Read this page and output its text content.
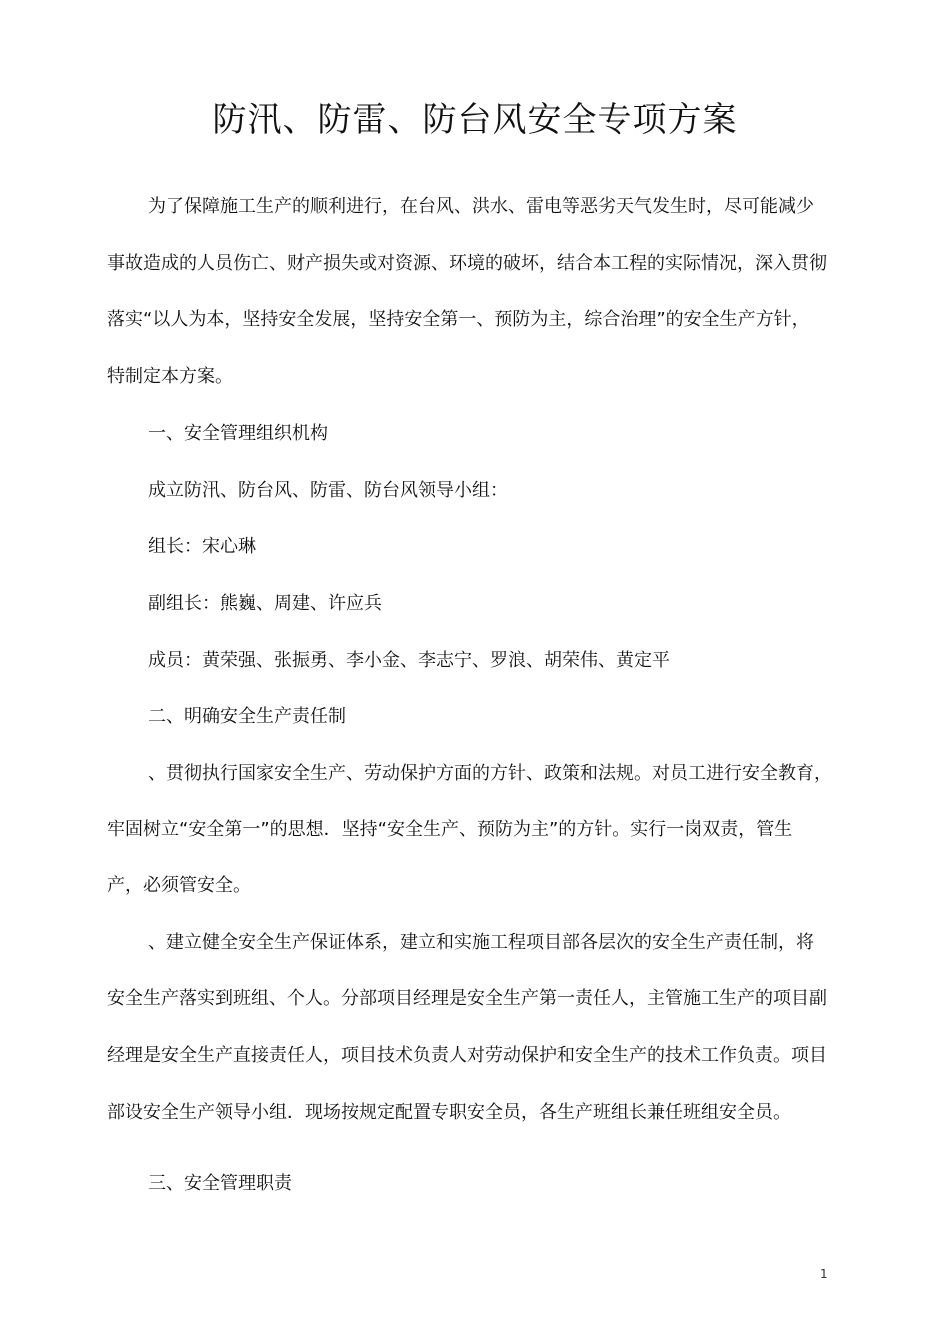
防汛、防雷、防台风安全专项方案
为了保障施工生产的顺利进行，在台风、洪水、雷电等恶劣天气发生时，尽可能减少
事故造成的人员伤亡、财产损失或对资源、环境的破坏，结合本工程的实际情况，深入贯彻
落实“以人为本，坚持安全发展，坚持安全第一、预防为主，综合治理”的安全生产方针，
特制定本方案。
一、安全管理组织机构
成立防汛、防台风、防雷、防台风领导小组：
组长：宋心琳
副组长：熊巍、周建、许应兵
成员：黄荣强、张振勇、李小金、李志宁、罗浪、胡荣伟、黄定平
二、明确安全生产责任制
、贯彻执行国家安全生产、劳动保护方面的方针、政策和法规。对员工进行安全教育，
牢固树立“安全第一”的思想．坚持“安全生产、预防为主”的方针。实行一岗双责，管生
产，必须管安全。
、建立健全安全生产保证体系，建立和实施工程项目部各层次的安全生产责任制，将
安全生产落实到班组、个人。分部项目经理是安全生产第一责任人，主管施工生产的项目副
经理是安全生产直接责任人，项目技术负责人对劳动保护和安全生产的技术工作负责。项目
部设安全生产领导小组．现场按规定配置专职安全员，各生产班组长兼任班组安全员。
三、安全管理职责
1
